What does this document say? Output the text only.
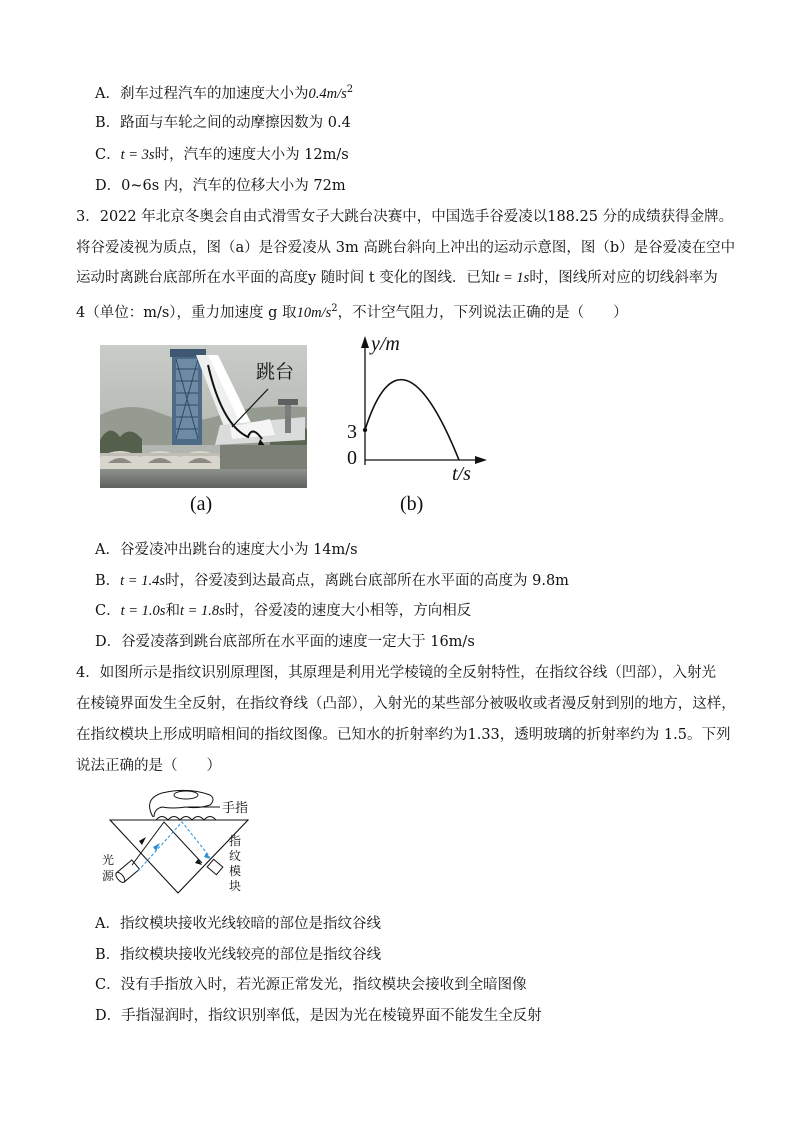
A．刹车过程汽车的加速度大小为$0.4m/s^2$
B．路面与车轮之间的动摩擦因数为 0.4
C．t = 3s时，汽车的速度大小为 12m/s
D．0~6s 内，汽车的位移大小为 72m
3．2022 年北京冬奥会自由式滑雪女子大跳台决赛中，中国选手谷爱凌以188.25 分的成绩获得金牌。
将谷爱凌视为质点，图（a）是谷爱凌从 3m 高跳台斜向上冲出的运动示意图，图（b）是谷爱凌在空中
运动时离跳台底部所在水平面的高度y 随时间 t 变化的图线．已知t = 1s时，图线所对应的切线斜率为
4（单位：m/s），重力加速度 g 取$10m/s^2$，不计空气阻力，下列说法正确的是（　　）
跳台
(a)
y/m
t/s
3
0
(b)
A．谷爱凌冲出跳台的速度大小为 14m/s
B．t = 1.4s时，谷爱凌到达最高点，离跳台底部所在水平面的高度为 9.8m
C．t = 1.0s和t = 1.8s时，谷爱凌的速度大小相等，方向相反
D．谷爱凌落到跳台底部所在水平面的速度一定大于 16m/s
4．如图所示是指纹识别原理图，其原理是利用光学棱镜的全反射特性，在指纹谷线（凹部），入射光
在棱镜界面发生全反射，在指纹脊线（凸部），入射光的某些部分被吸收或者漫反射到别的地方，这样，
在指纹模块上形成明暗相间的指纹图像。已知水的折射率约为1.33，透明玻璃的折射率约为 1.5。下列
说法正确的是（　　）
手指
光
源
指
纹
模
块
A．指纹模块接收光线较暗的部位是指纹谷线
B．指纹模块接收光线较亮的部位是指纹谷线
C．没有手指放入时，若光源正常发光，指纹模块会接收到全暗图像
D．手指湿润时，指纹识别率低，是因为光在棱镜界面不能发生全反射
